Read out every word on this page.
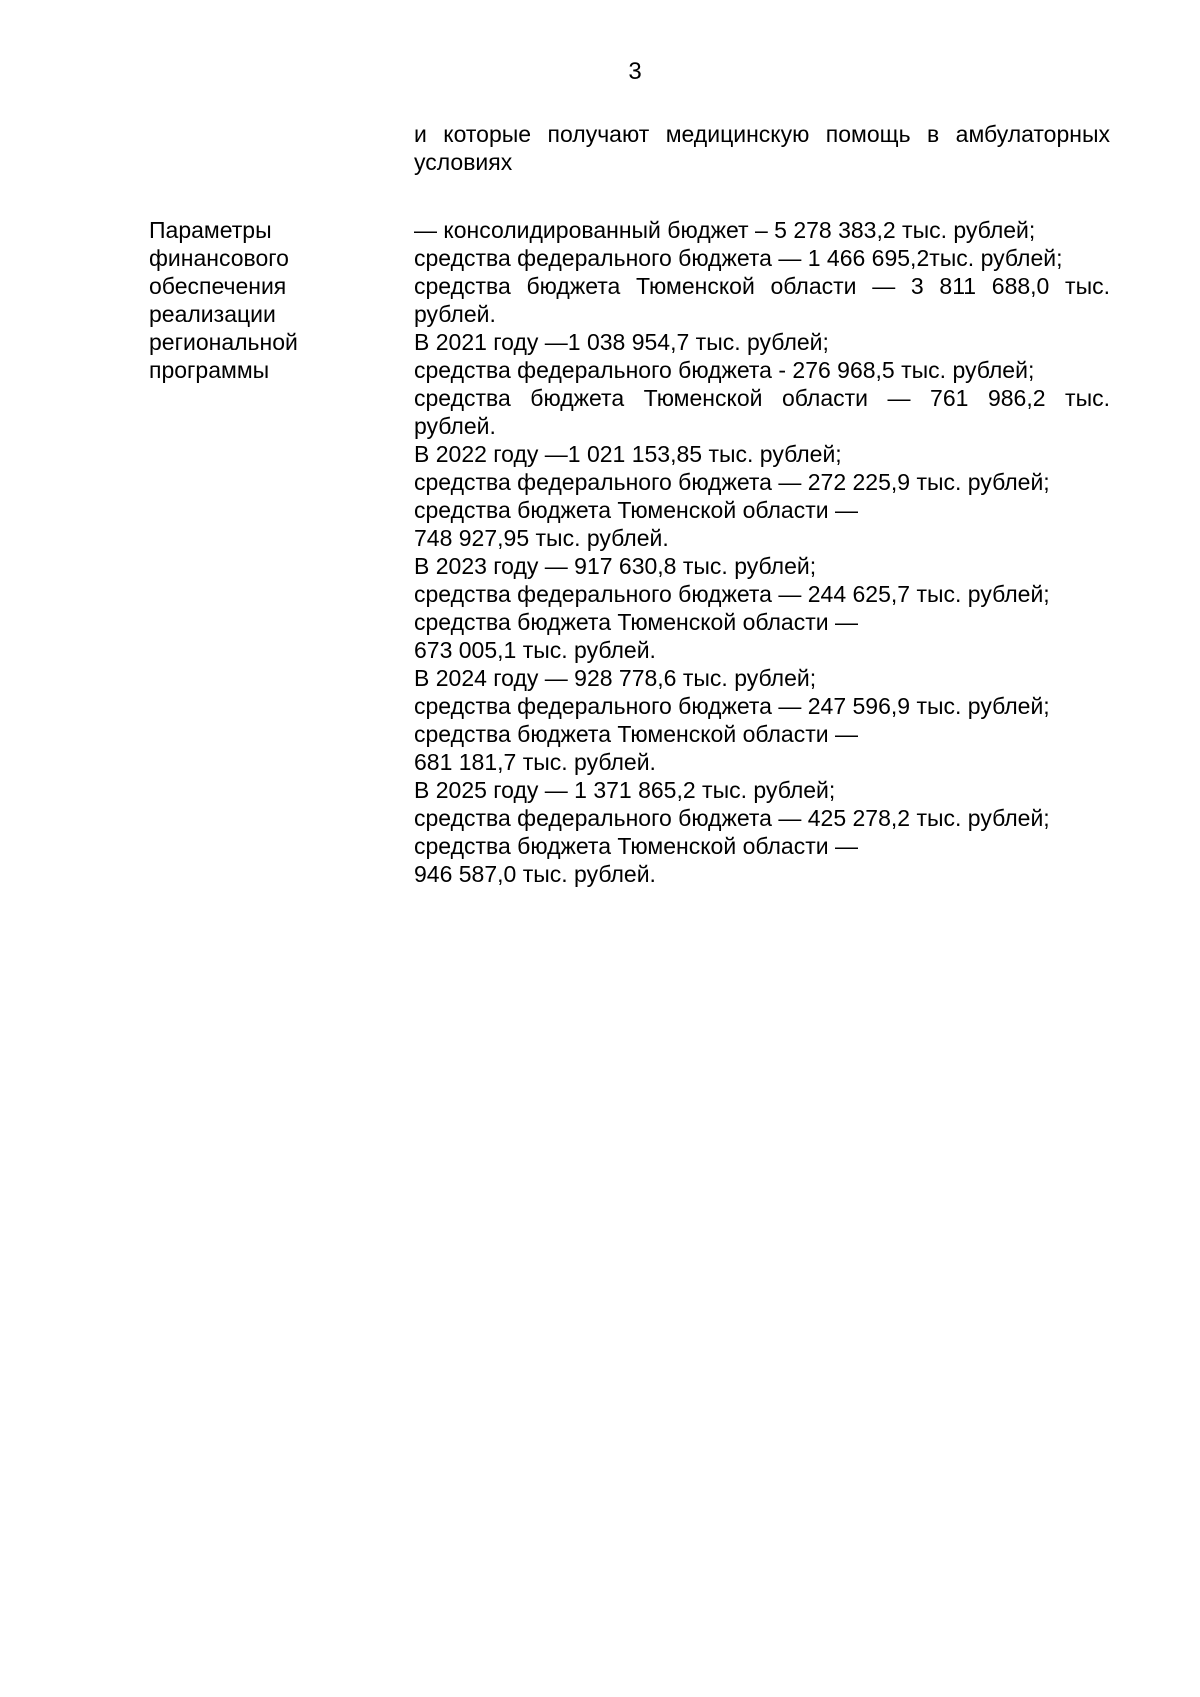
3
и которые получают медицинскую помощь в амбулаторных
условиях
Параметры
финансового
обеспечения
реализации
региональной
программы
— консолидированный бюджет – 5 278 383,2 тыс. рублей;
средства федерального бюджета — 1 466 695,2тыс. рублей;
средства бюджета Тюменской области — 3 811 688,0 тыс.
рублей.
В 2021 году —1 038 954,7 тыс. рублей;
средства федерального бюджета - 276 968,5 тыс. рублей;
средства бюджета Тюменской области — 761 986,2 тыс.
рублей.
В 2022 году —1 021 153,85 тыс. рублей;
средства федерального бюджета — 272 225,9 тыс. рублей;
средства бюджета Тюменской области —
748 927,95 тыс. рублей.
В 2023 году — 917 630,8 тыс. рублей;
средства федерального бюджета — 244 625,7 тыс. рублей;
средства бюджета Тюменской области —
673 005,1 тыс. рублей.
В 2024 году — 928 778,6 тыс. рублей;
средства федерального бюджета — 247 596,9 тыс. рублей;
средства бюджета Тюменской области —
681 181,7 тыс. рублей.
В 2025 году — 1 371 865,2 тыс. рублей;
средства федерального бюджета — 425 278,2 тыс. рублей;
средства бюджета Тюменской области —
946 587,0 тыс. рублей.
